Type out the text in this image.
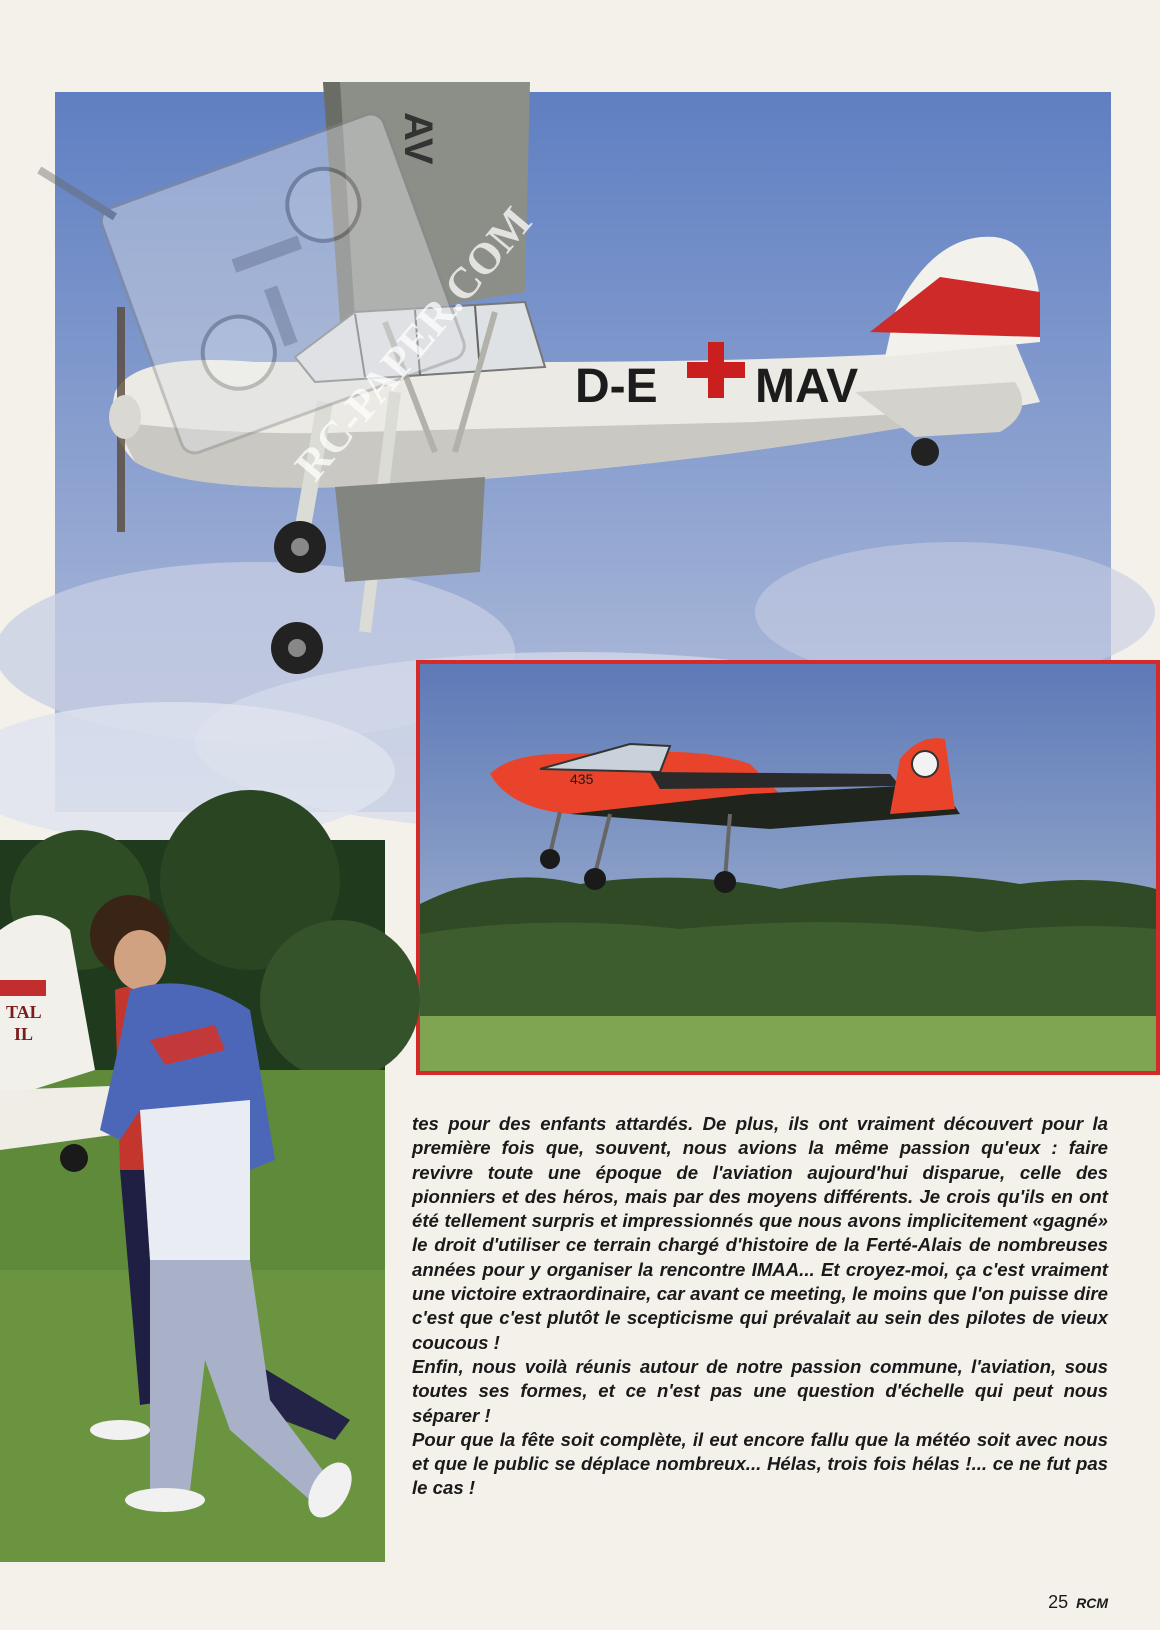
D-E MAV
AV
RC-PAPER.COM
435
TAL
IL

tes pour des enfants attardés. De plus, ils ont vraiment découvert pour la première fois que, souvent, nous avions la même passion qu'eux : faire revivre toute une époque de l'aviation aujourd'hui disparue, celle des pionniers et des héros, mais par des moyens différents. Je crois qu'ils en ont été tellement surpris et impressionnés que nous avons implicitement «gagné» le droit d'utiliser ce terrain chargé d'histoire de la Ferté-Alais de nombreuses années pour y organiser la rencontre IMAA... Et croyez-moi, ça c'est vraiment une victoire extraordinaire, car avant ce meeting, le moins que l'on puisse dire c'est que c'est plutôt le scepticisme qui prévalait au sein des pilotes de vieux coucous !

Enfin, nous voilà réunis autour de notre passion commune, l'aviation, sous toutes ses formes, et ce n'est pas une question d'échelle qui peut nous séparer !

Pour que la fête soit complète, il eut encore fallu que la météo soit avec nous et que le public se déplace nombreux... Hélas, trois fois hélas !... ce ne fut pas le cas !

25 RCM
